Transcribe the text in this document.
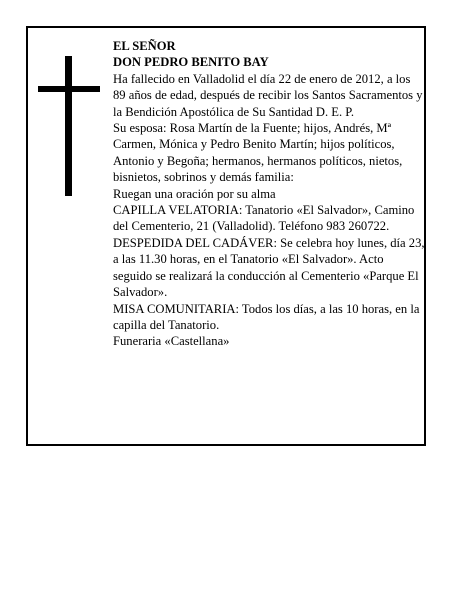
EL SEÑOR

DON PEDRO BENITO BAY

Ha fallecido en Valladolid el día 22 de enero de 2012, a los 89 años de edad, después de recibir los Santos Sacramentos y la Bendición Apostólica de Su Santidad D. E. P.

Su esposa: Rosa Martín de la Fuente; hijos, Andrés, Mª Carmen, Mónica y Pedro Benito Martín; hijos políticos, Antonio y Begoña; hermanos, hermanos políticos, nietos, bisnietos, sobrinos y demás familia:

Ruegan una oración por su alma

CAPILLA VELATORIA: Tanatorio «El Salvador», Camino del Cementerio, 21 (Valladolid). Teléfono 983 260722.

DESPEDIDA DEL CADÁVER: Se celebra hoy lunes, día 23, a las 11.30 horas, en el Tanatorio «El Salvador». Acto seguido se realizará la conducción al Cementerio «Parque El Salvador».

MISA COMUNITARIA: Todos los días, a las 10 horas, en la capilla del Tanatorio.

Funeraria «Castellana»
